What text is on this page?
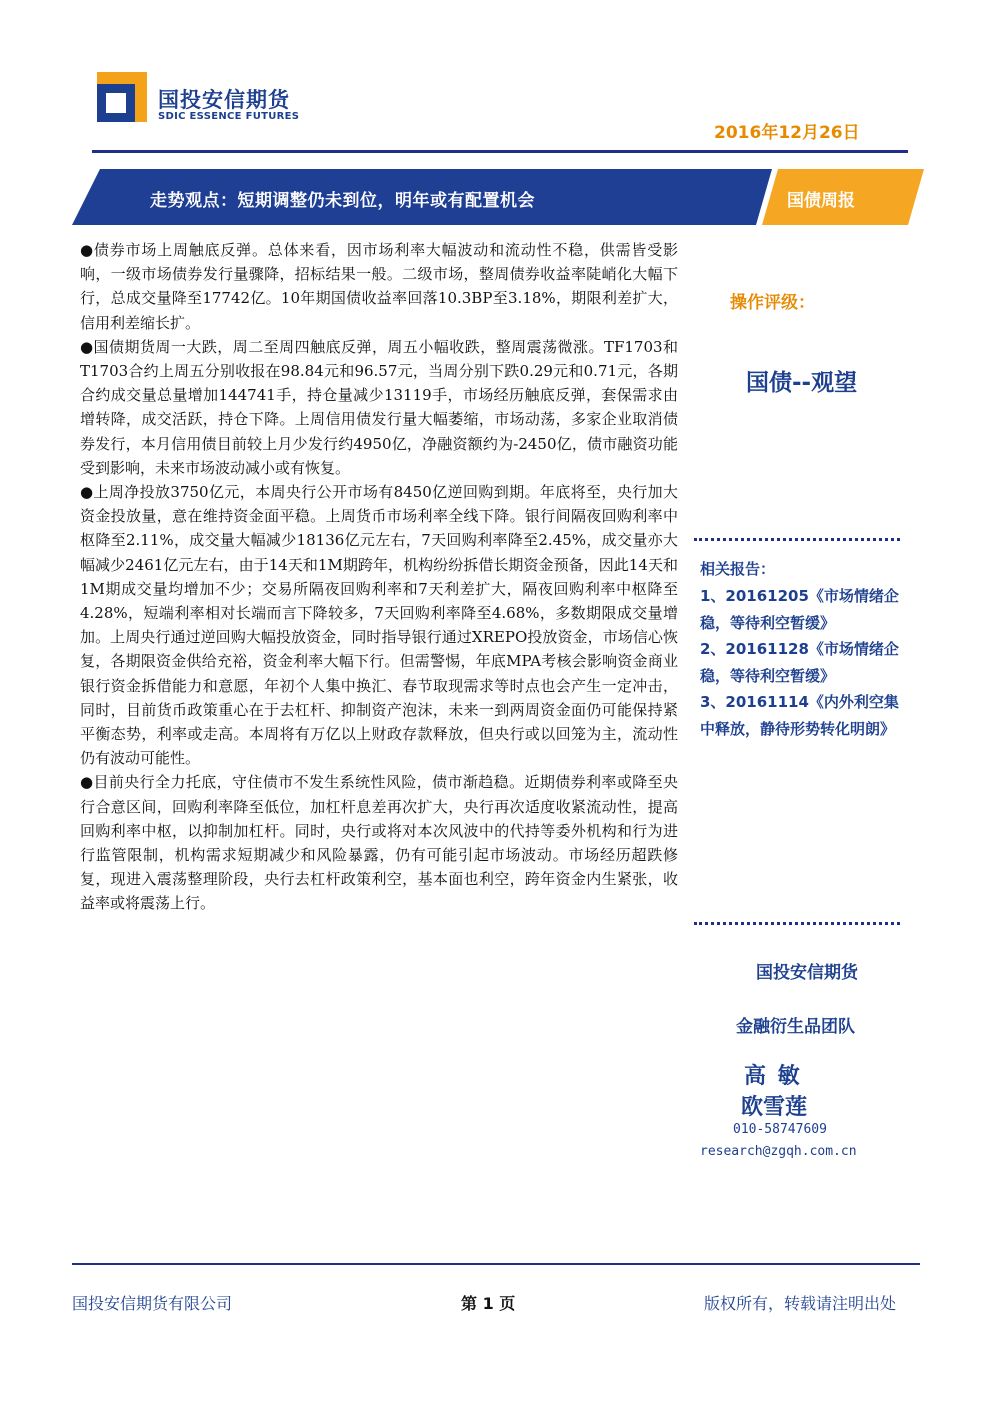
国投安信期货
SDIC ESSENCE FUTURES
2016年12月26日
走势观点：短期调整仍未到位，明年或有配置机会	国债周报

●债券市场上周触底反弹。总体来看，因市场利率大幅波动和流动性不稳，供需皆受影响，一级市场债券发行量骤降，招标结果一般。二级市场，整周债券收益率陡峭化大幅下行，总成交量降至17742亿。10年期国债收益率回落10.3BP至3.18%，期限利差扩大，信用利差缩长扩。

●国债期货周一大跌，周二至周四触底反弹，周五小幅收跌，整周震荡微涨。TF1703和T1703合约上周五分别收报在98.84元和96.57元，当周分别下跌0.29元和0.71元，各期合约成交量总量增加144741手，持仓量减少13119手，市场经历触底反弹，套保需求由增转降，成交活跃，持仓下降。上周信用债发行量大幅萎缩，市场动荡，多家企业取消债券发行，本月信用债目前较上月少发行约4950亿，净融资额约为-2450亿，债市融资功能受到影响，未来市场波动减小或有恢复。

●上周净投放3750亿元，本周央行公开市场有8450亿逆回购到期。年底将至，央行加大资金投放量，意在维持资金面平稳。上周货币市场利率全线下降。银行间隔夜回购利率中枢降至2.11%，成交量大幅减少18136亿元左右，7天回购利率降至2.45%，成交量亦大幅减少2461亿元左右，由于14天和1M期跨年，机构纷纷拆借长期资金预备，因此14天和1M期成交量均增加不少；交易所隔夜回购利率和7天利差扩大，隔夜回购利率中枢降至4.28%，短端利率相对长端而言下降较多，7天回购利率降至4.68%，多数期限成交量增加。上周央行通过逆回购大幅投放资金，同时指导银行通过XREPO投放资金，市场信心恢复，各期限资金供给充裕，资金利率大幅下行。但需警惕，年底MPA考核会影响资金商业银行资金拆借能力和意愿，年初个人集中换汇、春节取现需求等时点也会产生一定冲击，同时，目前货币政策重心在于去杠杆、抑制资产泡沫，未来一到两周资金面仍可能保持紧平衡态势，利率或走高。本周将有万亿以上财政存款释放，但央行或以回笼为主，流动性仍有波动可能性。

●目前央行全力托底，守住债市不发生系统性风险，债市渐趋稳。近期债券利率或降至央行合意区间，回购利率降至低位，加杠杆息差再次扩大，央行再次适度收紧流动性，提高回购利率中枢，以抑制加杠杆。同时，央行或将对本次风波中的代持等委外机构和行为进行监管限制，机构需求短期减少和风险暴露，仍有可能引起市场波动。市场经历超跌修复，现进入震荡整理阶段，央行去杠杆政策利空，基本面也利空，跨年资金内生紧张，收益率或将震荡上行。

操作评级：
国债--观望
相关报告：
1、20161205《市场情绪企稳，等待利空暂缓》
2、20161128《市场情绪企稳，等待利空暂缓》
3、20161114《内外利空集中释放，静待形势转化明朗》
国投安信期货
金融衍生品团队
高 敏
欧雪莲
010-58747609
research@zgqh.com.cn
国投安信期货有限公司	第 1 页	版权所有，转载请注明出处
